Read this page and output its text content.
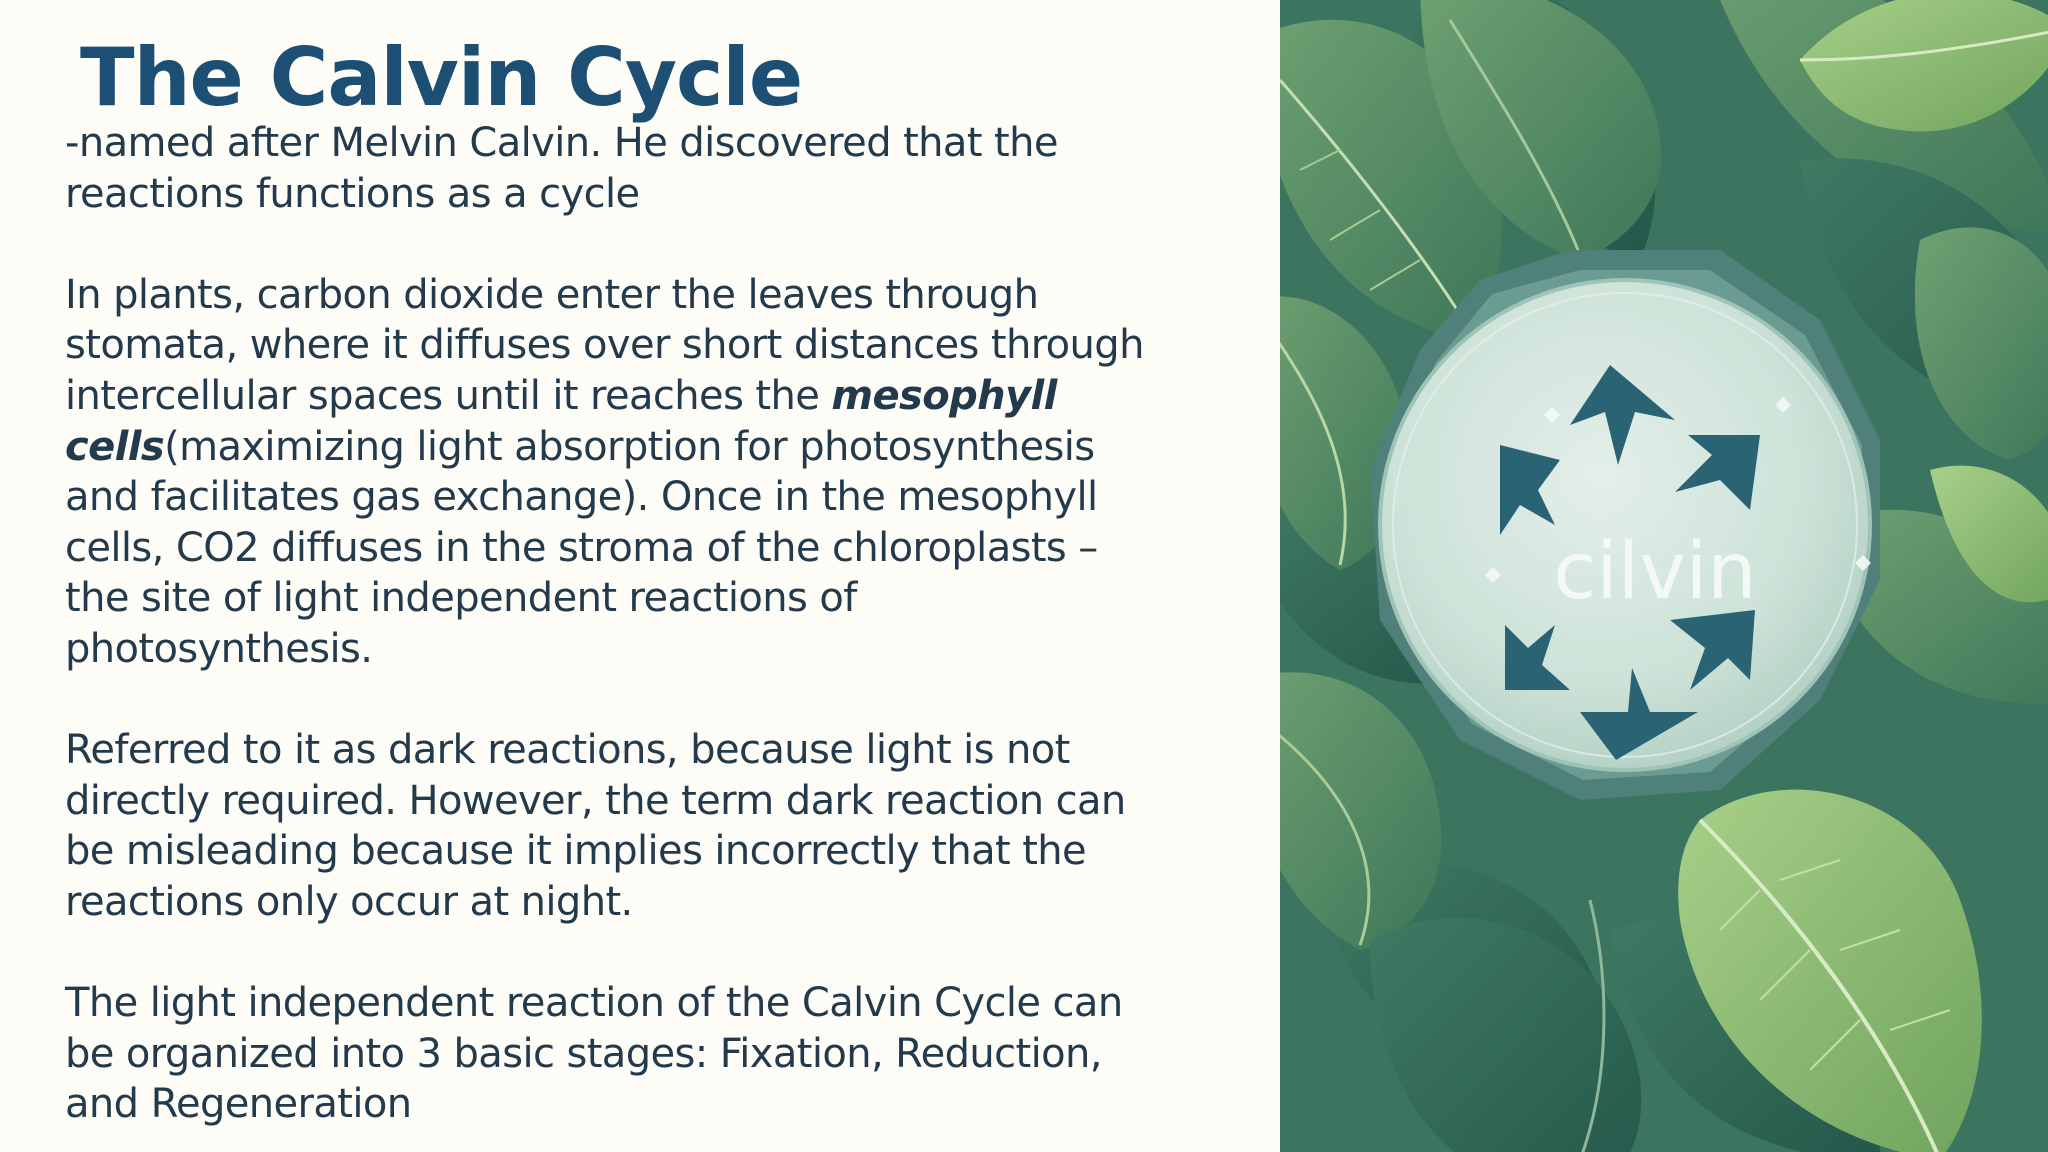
The Calvin Cycle

-named after Melvin Calvin. He discovered that the
reactions functions as a cycle

In plants, carbon dioxide enter the leaves through
stomata, where it diffuses over short distances through
intercellular spaces until it reaches the mesophyll
cells(maximizing light absorption for photosynthesis
and facilitates gas exchange). Once in the mesophyll
cells, CO2 diffuses in the stroma of the chloroplasts –
the site of light independent reactions of
photosynthesis.

Referred to it as dark reactions, because light is not
directly required. However, the term dark reaction can
be misleading because it implies incorrectly that the
reactions only occur at night.

The light independent reaction of the Calvin Cycle can
be organized into 3 basic stages: Fixation, Reduction,
and Regeneration

cilvin
